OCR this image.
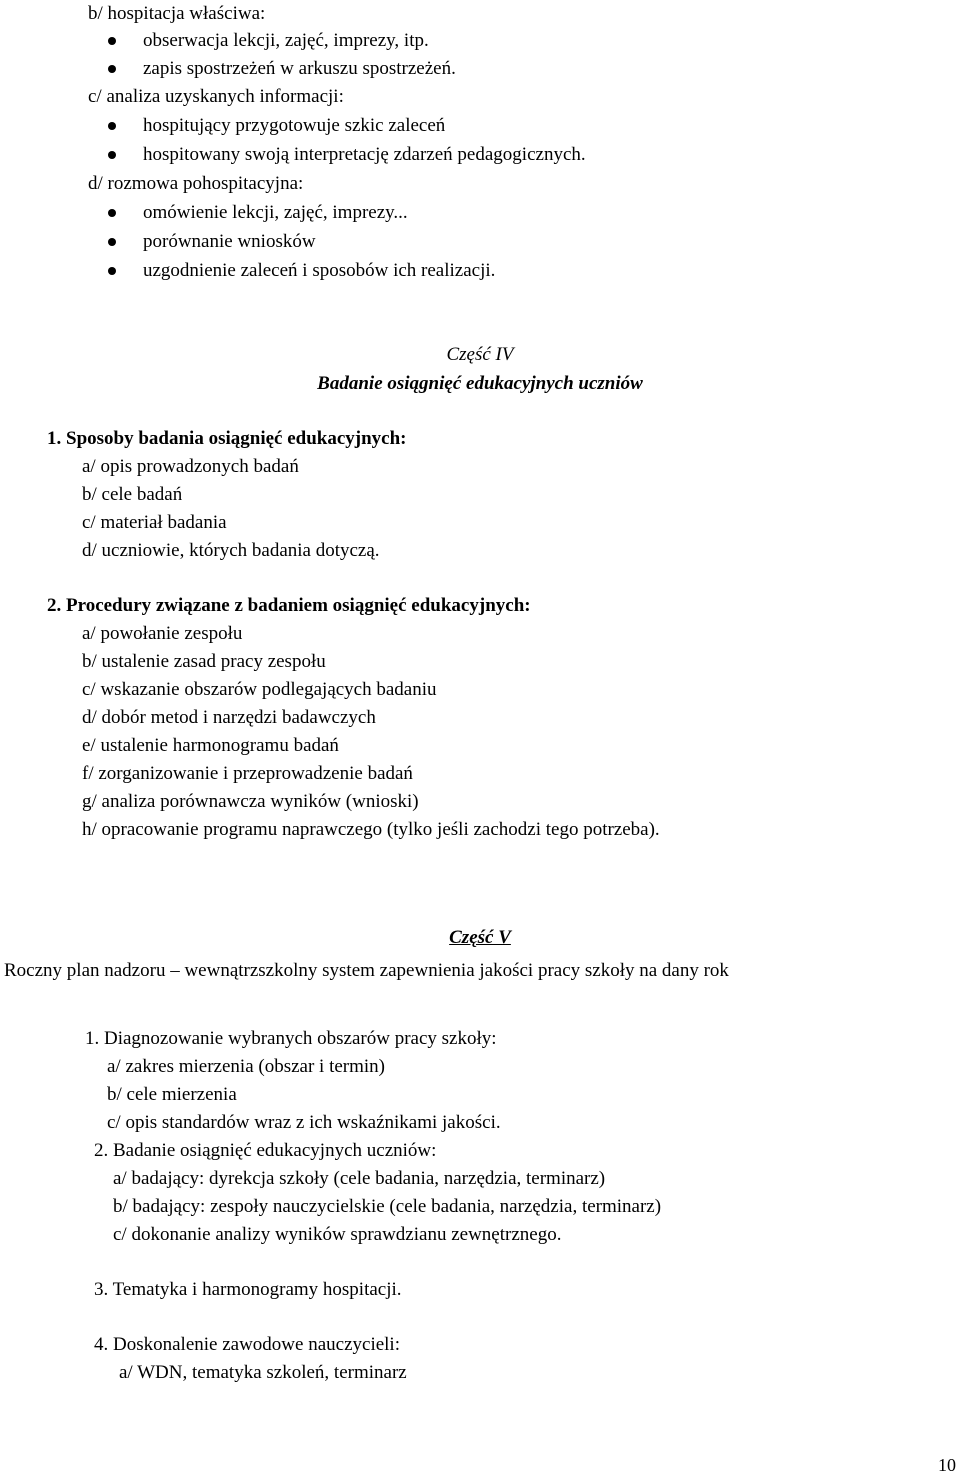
b/ hospitacja właściwa:
obserwacja lekcji, zajęć, imprezy, itp.
zapis spostrzeżeń w arkuszu spostrzeżeń.
c/ analiza uzyskanych informacji:
hospitujący przygotowuje szkic zaleceń
hospitowany swoją interpretację zdarzeń pedagogicznych.
d/ rozmowa pohospitacyjna:
omówienie lekcji, zajęć, imprezy...
porównanie wniosków
uzgodnienie zaleceń i sposobów ich realizacji.
Część IV
Badanie osiągnięć edukacyjnych uczniów
1. Sposoby badania osiągnięć edukacyjnych:
a/ opis prowadzonych badań
b/ cele badań
c/ materiał badania
d/ uczniowie, których badania dotyczą.
2. Procedury związane z badaniem osiągnięć edukacyjnych:
a/ powołanie zespołu
b/ ustalenie zasad pracy zespołu
c/ wskazanie obszarów podlegających badaniu
d/ dobór metod i narzędzi badawczych
e/ ustalenie harmonogramu badań
f/ zorganizowanie i przeprowadzenie badań
g/ analiza porównawcza wyników (wnioski)
h/ opracowanie programu naprawczego (tylko jeśli zachodzi tego potrzeba).
Część V
Roczny plan nadzoru – wewnątrzszkolny system zapewnienia jakości pracy szkoły na dany rok
1. Diagnozowanie wybranych obszarów pracy szkoły:
a/ zakres mierzenia (obszar i termin)
b/ cele mierzenia
c/ opis standardów wraz z ich wskaźnikami jakości.
2. Badanie osiągnięć edukacyjnych uczniów:
a/ badający: dyrekcja szkoły (cele badania, narzędzia, terminarz)
b/ badający: zespoły nauczycielskie (cele badania, narzędzia, terminarz)
c/ dokonanie analizy wyników sprawdzianu zewnętrznego.
3. Tematyka i harmonogramy hospitacji.
4. Doskonalenie zawodowe nauczycieli:
a/ WDN, tematyka szkoleń, terminarz
10
